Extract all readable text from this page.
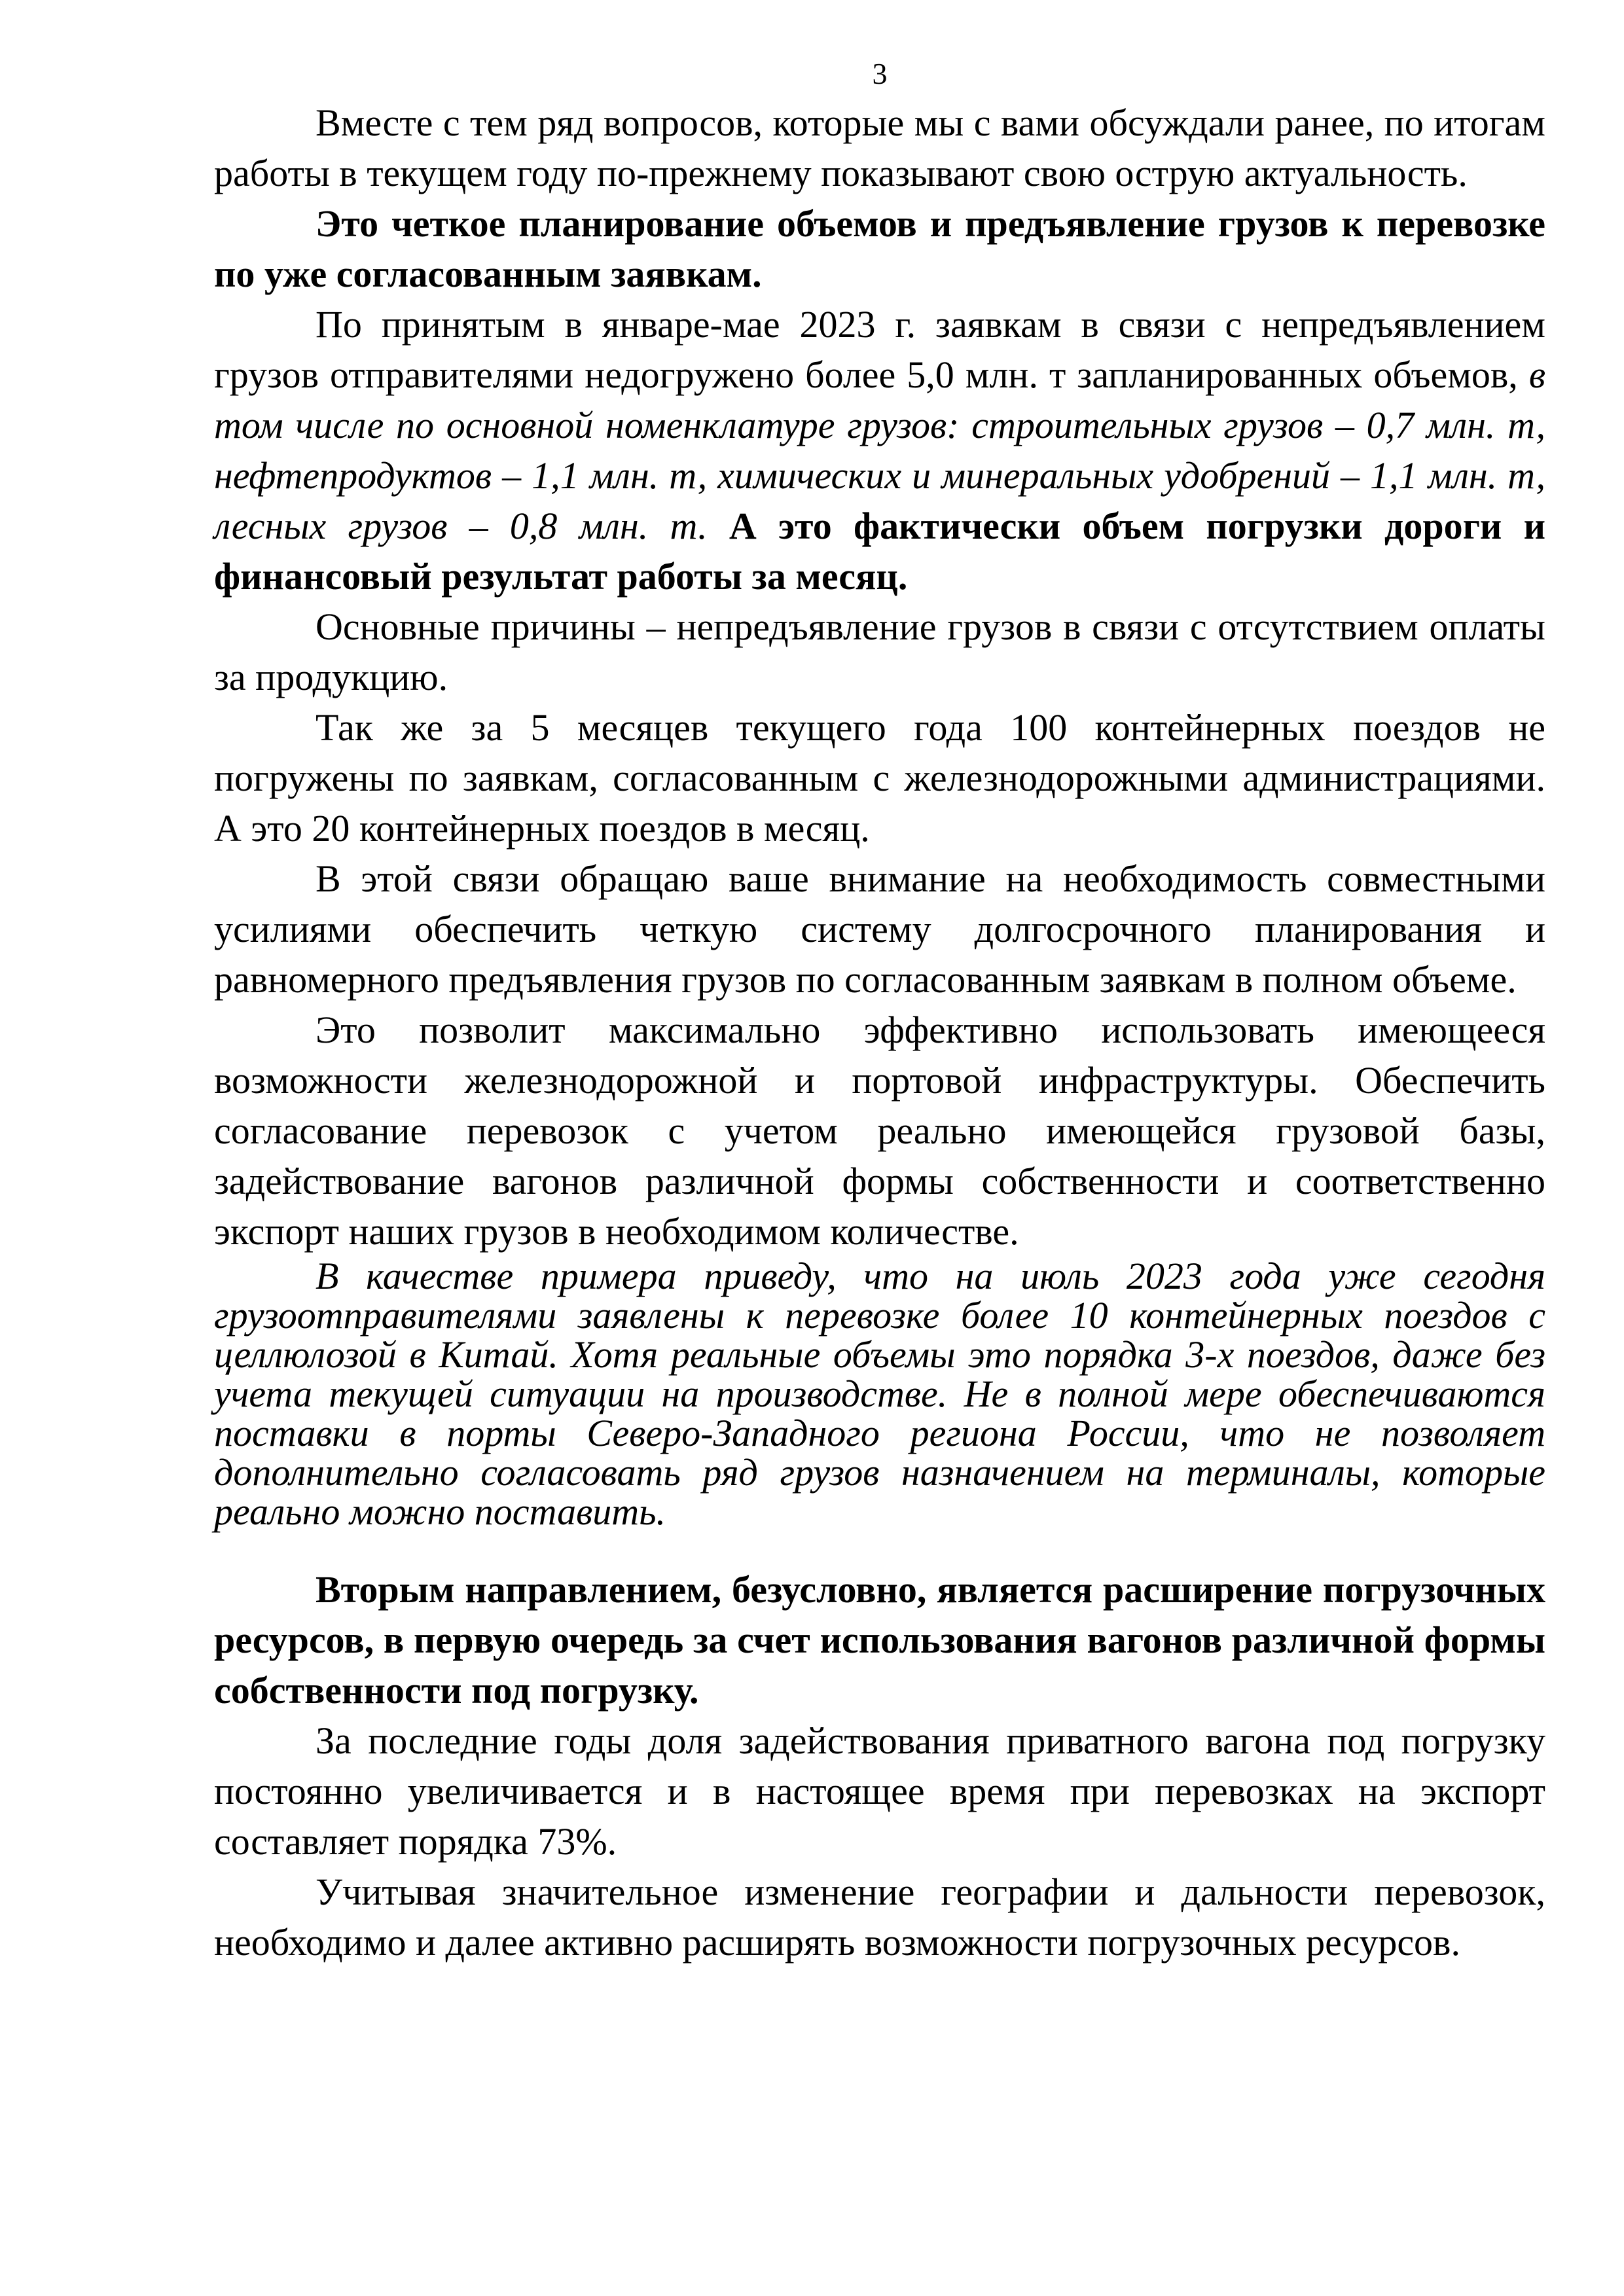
3

Вместе с тем ряд вопросов, которые мы с вами обсуждали ранее, по итогам работы в текущем году по-прежнему показывают свою острую актуальность.

Это четкое планирование объемов и предъявление грузов к перевозке по уже согласованным заявкам.

По принятым в январе-мае 2023 г. заявкам в связи с непредъявлением грузов отправителями недогружено более 5,0 млн. т запланированных объемов, в том числе по основной номенклатуре грузов: строительных грузов – 0,7 млн. т, нефтепродуктов – 1,1 млн. т, химических и минеральных удобрений – 1,1 млн. т, лесных грузов – 0,8 млн. т. А это фактически объем погрузки дороги и финансовый результат работы за месяц.

Основные причины – непредъявление грузов в связи с отсутствием оплаты за продукцию.

Так же за 5 месяцев текущего года 100 контейнерных поездов не погружены по заявкам, согласованным с железнодорожными администрациями. А это 20 контейнерных поездов в месяц.

В этой связи обращаю ваше внимание на необходимость совместными усилиями обеспечить четкую систему долгосрочного планирования и равномерного предъявления грузов по согласованным заявкам в полном объеме.

Это позволит максимально эффективно использовать имеющееся возможности железнодорожной и портовой инфраструктуры. Обеспечить согласование перевозок с учетом реально имеющейся грузовой базы, задействование вагонов различной формы собственности и соответственно экспорт наших грузов в необходимом количестве.

В качестве примера приведу, что на июль 2023 года уже сегодня грузоотправителями заявлены к перевозке более 10 контейнерных поездов с целлюлозой в Китай. Хотя реальные объемы это порядка 3-х поездов, даже без учета текущей ситуации на производстве. Не в полной мере обеспечиваются поставки в порты Северо-Западного региона России, что не позволяет дополнительно согласовать ряд грузов назначением на терминалы, которые реально можно поставить.

Вторым направлением, безусловно, является расширение погрузочных ресурсов, в первую очередь за счет использования вагонов различной формы собственности под погрузку.

За последние годы доля задействования приватного вагона под погрузку постоянно увеличивается и в настоящее время при перевозках на экспорт составляет порядка 73%.

Учитывая значительное изменение географии и дальности перевозок, необходимо и далее активно расширять возможности погрузочных ресурсов.
